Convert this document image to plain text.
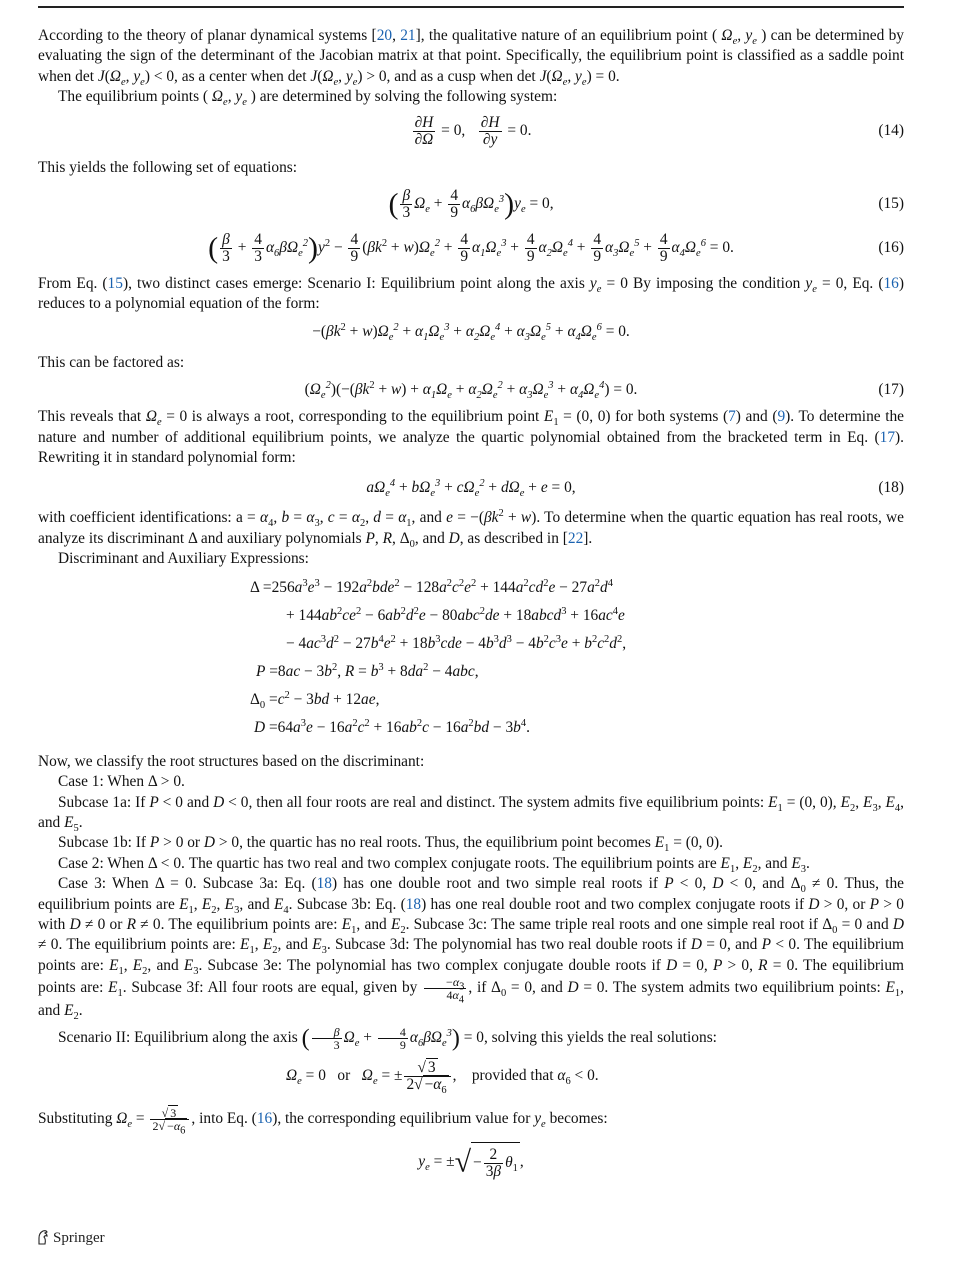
According to the theory of planar dynamical systems [20, 21], the qualitative nature of an equilibrium point ( $\Omega_e$, $y_e$ ) can be determined by evaluating the sign of the determinant of the Jacobian matrix at that point. Specifically, the equilibrium point is classified as a saddle point when $\det J(\Omega_e$, $y_e) < 0$, as a center when $\det J(\Omega_e$, $y_e) > 0$, and as a cusp when $\det J(\Omega_e$, $y_e) = 0$.

The equilibrium points ( $\Omega_e$, $y_e$ ) are determined by solving the following system:

$\frac{\partial H}{\partial\Omega} = 0$, $\frac{\partial H}{\partial y} = 0$.	(14)

This yields the following set of equations:

( $\frac{\beta}{3} \Omega_e + \frac{4}{9} \alpha_6\beta\Omega_e^3)y_e = 0$,	(15)
( $\frac{\beta}{3} + \frac{4}{3} \alpha_6\beta\Omega_e^2)y^2 - \frac{4}{9} (\beta k^2 + w)\Omega_e^2 + \frac{4}{9} \alpha_1\Omega_e^3 + \frac{4}{9} \alpha_2\Omega_e^4 + \frac{4}{9} \alpha_3\Omega_e^5 + \frac{4}{9} \alpha_4\Omega_e^6 = 0$.	(16)

From Eq. (15), two distinct cases emerge: Scenario I: Equilibrium point along the axis $y_e = 0$ By imposing the condition $y_e = 0$, Eq. (16) reduces to a polynomial equation of the form:

$-(\beta k^2 + w)\Omega_e^2 + \alpha_1\Omega_e^3 + \alpha_2\Omega_e^4 + \alpha_3\Omega_e^5 + \alpha_4\Omega_e^6 = 0$.

This can be factored as:

$(\Omega_e^2)(-(\beta k^2 + w) + \alpha_1\Omega_e + \alpha_2\Omega_e^2 + \alpha_3\Omega_e^3 + \alpha_4\Omega_e^4) = 0$.	(17)

This reveals that $\Omega_e = 0$ is always a root, corresponding to the equilibrium point $E_1 = (0$, 0) for both systems (7) and (9). To determine the nature and number of additional equilibrium points, we analyze the quartic polynomial obtained from the bracketed term in Eq. (17). Rewriting it in standard polynomial form:

$a\Omega_e^4 + b\Omega_e^3 + c\Omega_e^2 + d\Omega_e + e = 0$,	(18)

with coefficient identifications: $a = \alpha_4$, $b = \alpha_3$, $c = \alpha_2$, $d = \alpha_1$, and $e = -(\beta k^2 + w)$. To determine when the quartic equation has real roots, we analyze its discriminant Δ and auxiliary polynomials P, R, $\Delta_0$, and D, as described in [22].

Discriminant and Auxiliary Expressions:

$\Delta =256a^3e^3 - 192a^2bde^2 - 128a^2c^2e^2 + 144a^2cd^2e - 27a^2d^4$
+ $144ab^2ce^2 - 6ab^2d^2e - 80abc^2de$ + 18abcd$^3$ + $16ac^4e$
− $4ac^3d^2 - 27b^4e^2 + 18b^3cde - 4b^3d^3 - 4b^2c^3e + b^2c^2d^2$,
$P =8ac - 3b^2$, $R = b^3 + 8da^2 - 4abc$,
$\Delta_0 =c^2 - 3bd + 12ae$,
$D =64a^3e - 16a^2c^2 + 16ab^2c - 16a^2bd - 3b^4$.

Now, we classify the root structures based on the discriminant:

Case 1: When Δ > 0.

Subcase 1a: If P < 0 and D < 0, then all four roots are real and distinct. The system admits five equilibrium points: $E_1 = (0$, 0), $E_2$, $E_3$, $E_4$, and $E_5$.

Subcase 1b: If P > 0 or D > 0, the quartic has no real roots. Thus, the equilibrium point becomes $E_1 = (0$, 0).

Case 2: When Δ < 0. The quartic has two real and two complex conjugate roots. The equilibrium points are $E_1$, $E_2$, and $E_3$.

Case 3: When Δ = 0. Subcase 3a: Eq. (18) has one double root and two simple real roots if P < 0, D < 0, and $\Delta_0 \ne 0$. Thus, the equilibrium points are $E_1$, $E_2$, $E_3$, and $E_4$. Subcase 3b: Eq. (18) has one real double root and two complex conjugate roots if D > 0, or P > 0 with D ≠ 0 or R ≠ 0. The equilibrium points are: $E_1$, and $E_2$. Subcase 3c: The same triple real roots and one simple real root if $\Delta_0 = 0$ and D ≠ 0. The equilibrium points are: $E_1$, $E_2$, and $E_3$. Subcase 3d: The polynomial has two real double roots if D = 0, and P < 0. The equilibrium points are: $E_1$, $E_2$, and $E_3$. Subcase 3e: The polynomial has two complex conjugate double roots if D = 0, P > 0, R = 0. The equilibrium points are: $E_1$. Subcase 3f: All four roots are equal, given by $\frac{-\alpha_3}{4\alpha_4}$ , if $\Delta_0 = 0$, and D = 0. The system admits two equilibrium points: $E_1$, and $E_2$.

Scenario II: Equilibrium along the axis ( $\frac{\beta}{3} \Omega_e + \frac{4}{9} \alpha_6\beta\Omega_e^3) = 0$, solving this yields the real solutions:

$\Omega_e = 0$   or   $\Omega_e$ = ± $\frac{√ 3}{2√ -\alpha_6}$ ,    provided that $\alpha_6 < 0$.

Substituting $\Omega_e = \frac{√ 3}{2√ -\alpha_6}$ , into Eq. (16), the corresponding equilibrium value for $y_e$ becomes:

$y_e$ = ±√ − $\frac{2}{3\beta} \theta_1$ ,
Springer
